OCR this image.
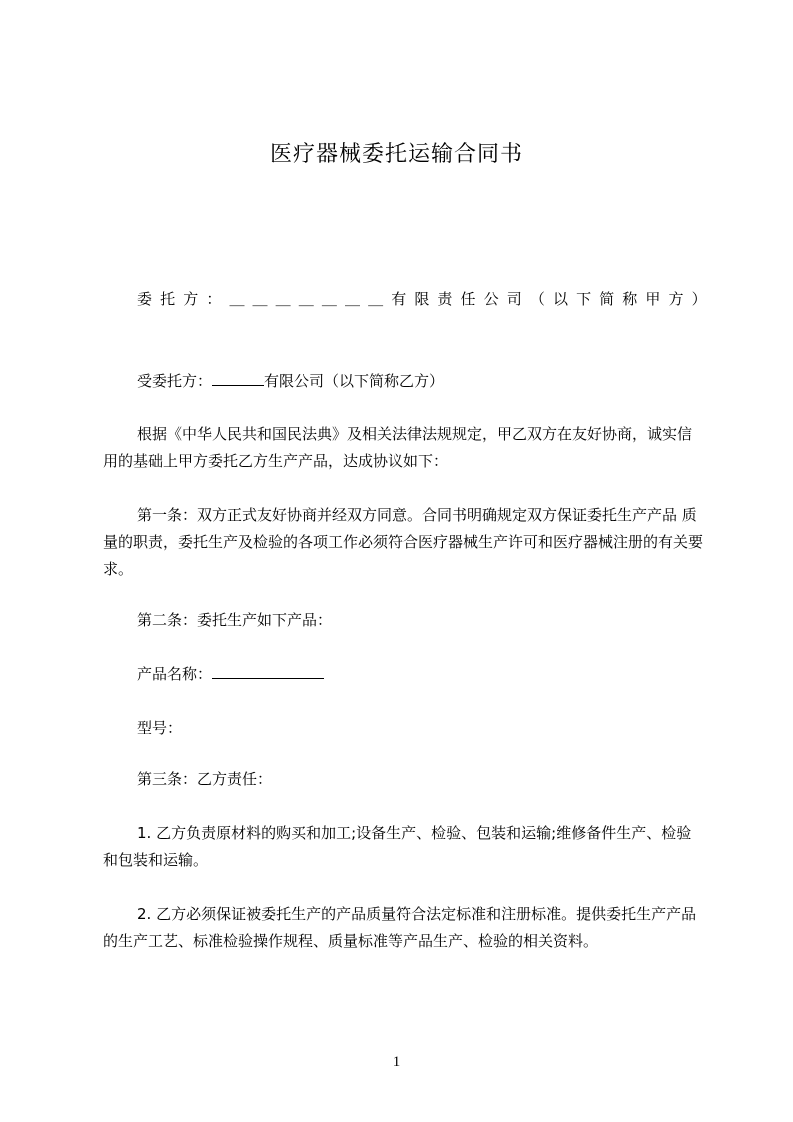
医疗器械委托运输合同书
委 托 方 ： ＿ ＿ ＿ ＿ ＿ ＿ ＿ 有 限 责 任 公 司 （ 以 下 简 称 甲 方 ）

受委托方：	有限公司（以下简称乙方）

根据《中华人民共和国民法典》及相关法律法规规定，甲乙双方在友好协商，诚实信用的基础上甲方委托乙方生产产品，达成协议如下：

第一条：双方正式友好协商并经双方同意。合同书明确规定双方保证委托生产产品 质量的职责，委托生产及检验的各项工作必须符合医疗器械生产许可和医疗器械注册的有关要求。

第二条：委托生产如下产品：

产品名称：

型号：

第三条：乙方责任：

1. 乙方负责原材料的购买和加工;设备生产、检验、包装和运输;维修备件生产、检验和包装和运输。

2. 乙方必须保证被委托生产的产品质量符合法定标准和注册标准。提供委托生产产品的生产工艺、标准检验操作规程、质量标准等产品生产、检验的相关资料。

1
